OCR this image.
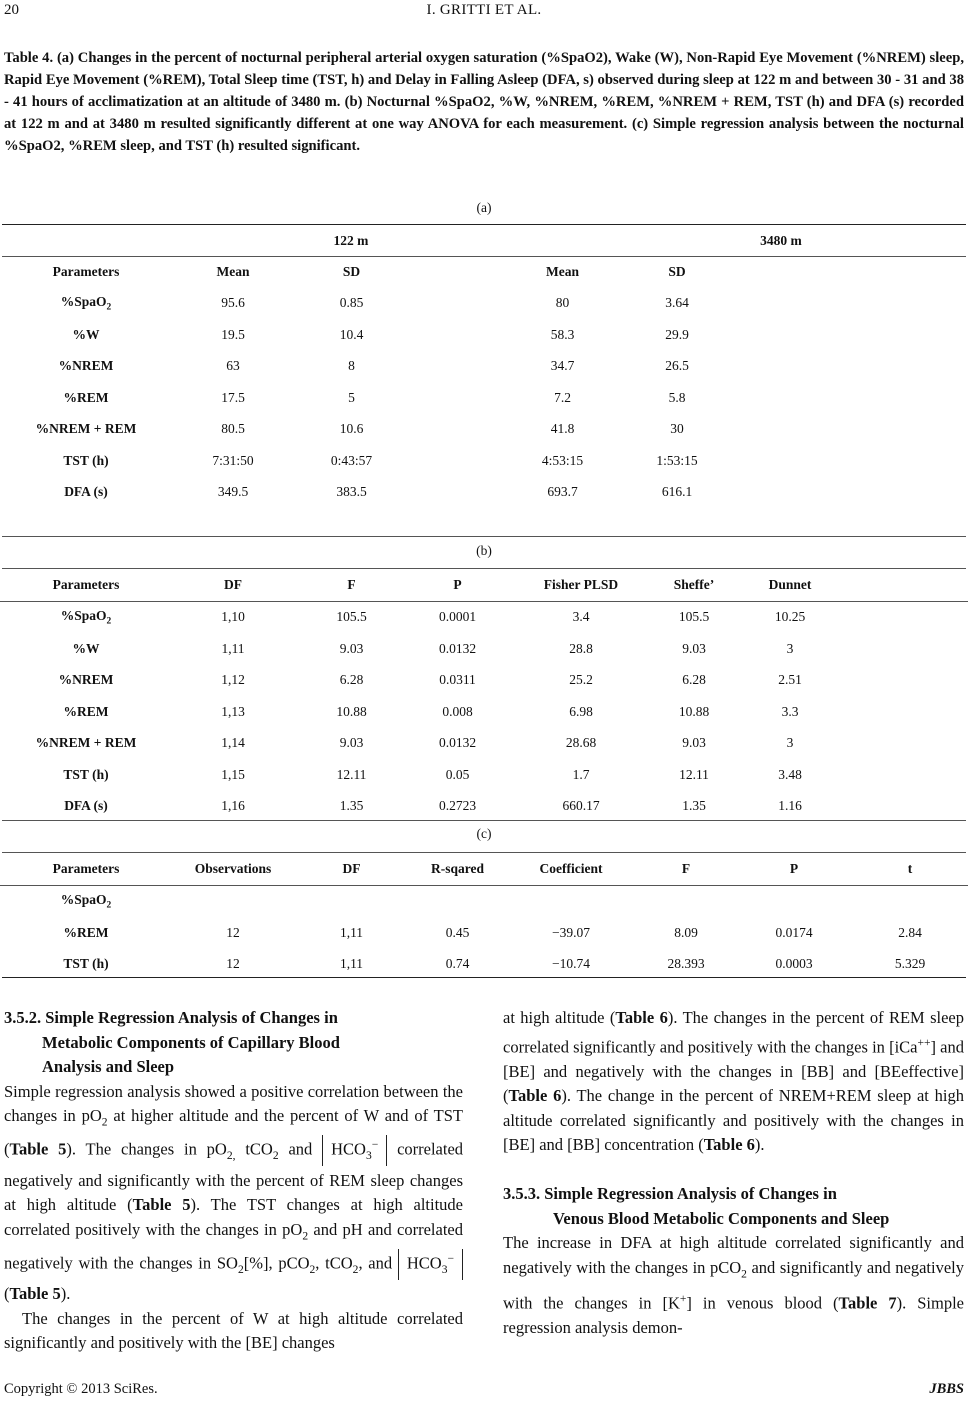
20	I. GRITTI ET AL.
Table 4. (a) Changes in the percent of nocturnal peripheral arterial oxygen saturation (%SpaO2), Wake (W), Non-Rapid Eye Movement (%NREM) sleep, Rapid Eye Movement (%REM), Total Sleep time (TST, h) and Delay in Falling Asleep (DFA, s) observed during sleep at 122 m and between 30 - 31 and 38 - 41 hours of acclimatization at an altitude of 3480 m. (b) Nocturnal %SpaO2, %W, %NREM, %REM, %NREM + REM, TST (h) and DFA (s) recorded at 122 m and at 3480 m resulted significantly different at one way ANOVA for each measurement. (c) Simple regression analysis between the nocturnal %SpaO2, %REM sleep, and TST (h) resulted significant.
(a)
	122 m		3480 m	
Parameters	Mean	SD		Mean	SD	
%SpaO$_2$	95.6	0.85		80	3.64	
%W	19.5	10.4		58.3	29.9	
%NREM	63	8		34.7	26.5	
%REM	17.5	5		7.2	5.8	
%NREM + REM	80.5	10.6		41.8	30	
TST (h)	7:31:50	0:43:57		4:53:15	1:53:15	
DFA (s)	349.5	383.5		693.7	616.1	
(b)
Parameters	DF	F	P	Fisher PLSD	Sheffe’	Dunnet	
%SpaO$_2$	1,10	105.5	0.0001	3.4	105.5	10.25	
%W	1,11	9.03	0.0132	28.8	9.03	3	
%NREM	1,12	6.28	0.0311	25.2	6.28	2.51	
%REM	1,13	10.88	0.008	6.98	10.88	3.3	
%NREM + REM	1,14	9.03	0.0132	28.68	9.03	3	
TST (h)	1,15	12.11	0.05	1.7	12.11	3.48	
DFA (s)	1,16	1.35	0.2723	660.17	1.35	1.16	
(c)
Parameters	Observations	DF	R-sqared	Coefficient	F	P	t
%SpaO$_2$							
%REM	12	1,11	0.45	−39.07	8.09	0.0174	2.84
TST (h)	12	1,11	0.74	−10.74	28.393	0.0003	5.329

3.5.2. Simple Regression Analysis of Changes in
Metabolic Components of Capillary Blood
Analysis and Sleep

Simple regression analysis showed a positive correlation between the changes in $pO_2$ at higher altitude and the percent of W and of TST (Table 5). The changes in $pO_{2,}$ tCO$_2$ and $HCO_3^-$ correlated negatively and significantly with the percent of REM sleep changes at high altitude (Table 5). The TST changes at high altitude correlated positively with the changes in $pO_2$ and pH and correlated negatively with the changes in $SO_2[\%]$, pCO$_2$, tCO$_2$, and $HCO_3^-$ (Table 5).

The changes in the percent of W at high altitude correlated significantly and positively with the [BE] changes

at high altitude (Table 6). The changes in the percent of REM sleep correlated significantly and positively with the changes in [iCa++] and [BE] and negatively with the changes in [BB] and [BEeffective] (Table 6). The change in the percent of NREM+REM sleep at high altitude correlated significantly and positively with the changes in [BE] and [BB] concentration (Table 6).

3.5.3. Simple Regression Analysis of Changes in
Venous Blood Metabolic Components and Sleep

The increase in DFA at high altitude correlated significantly and negatively with the changes in pCO$_2$ and significantly and negatively with the changes in [K+] in venous blood (Table 7). Simple regression analysis demon-

Copyright © 2013 SciRes.	JBBS
